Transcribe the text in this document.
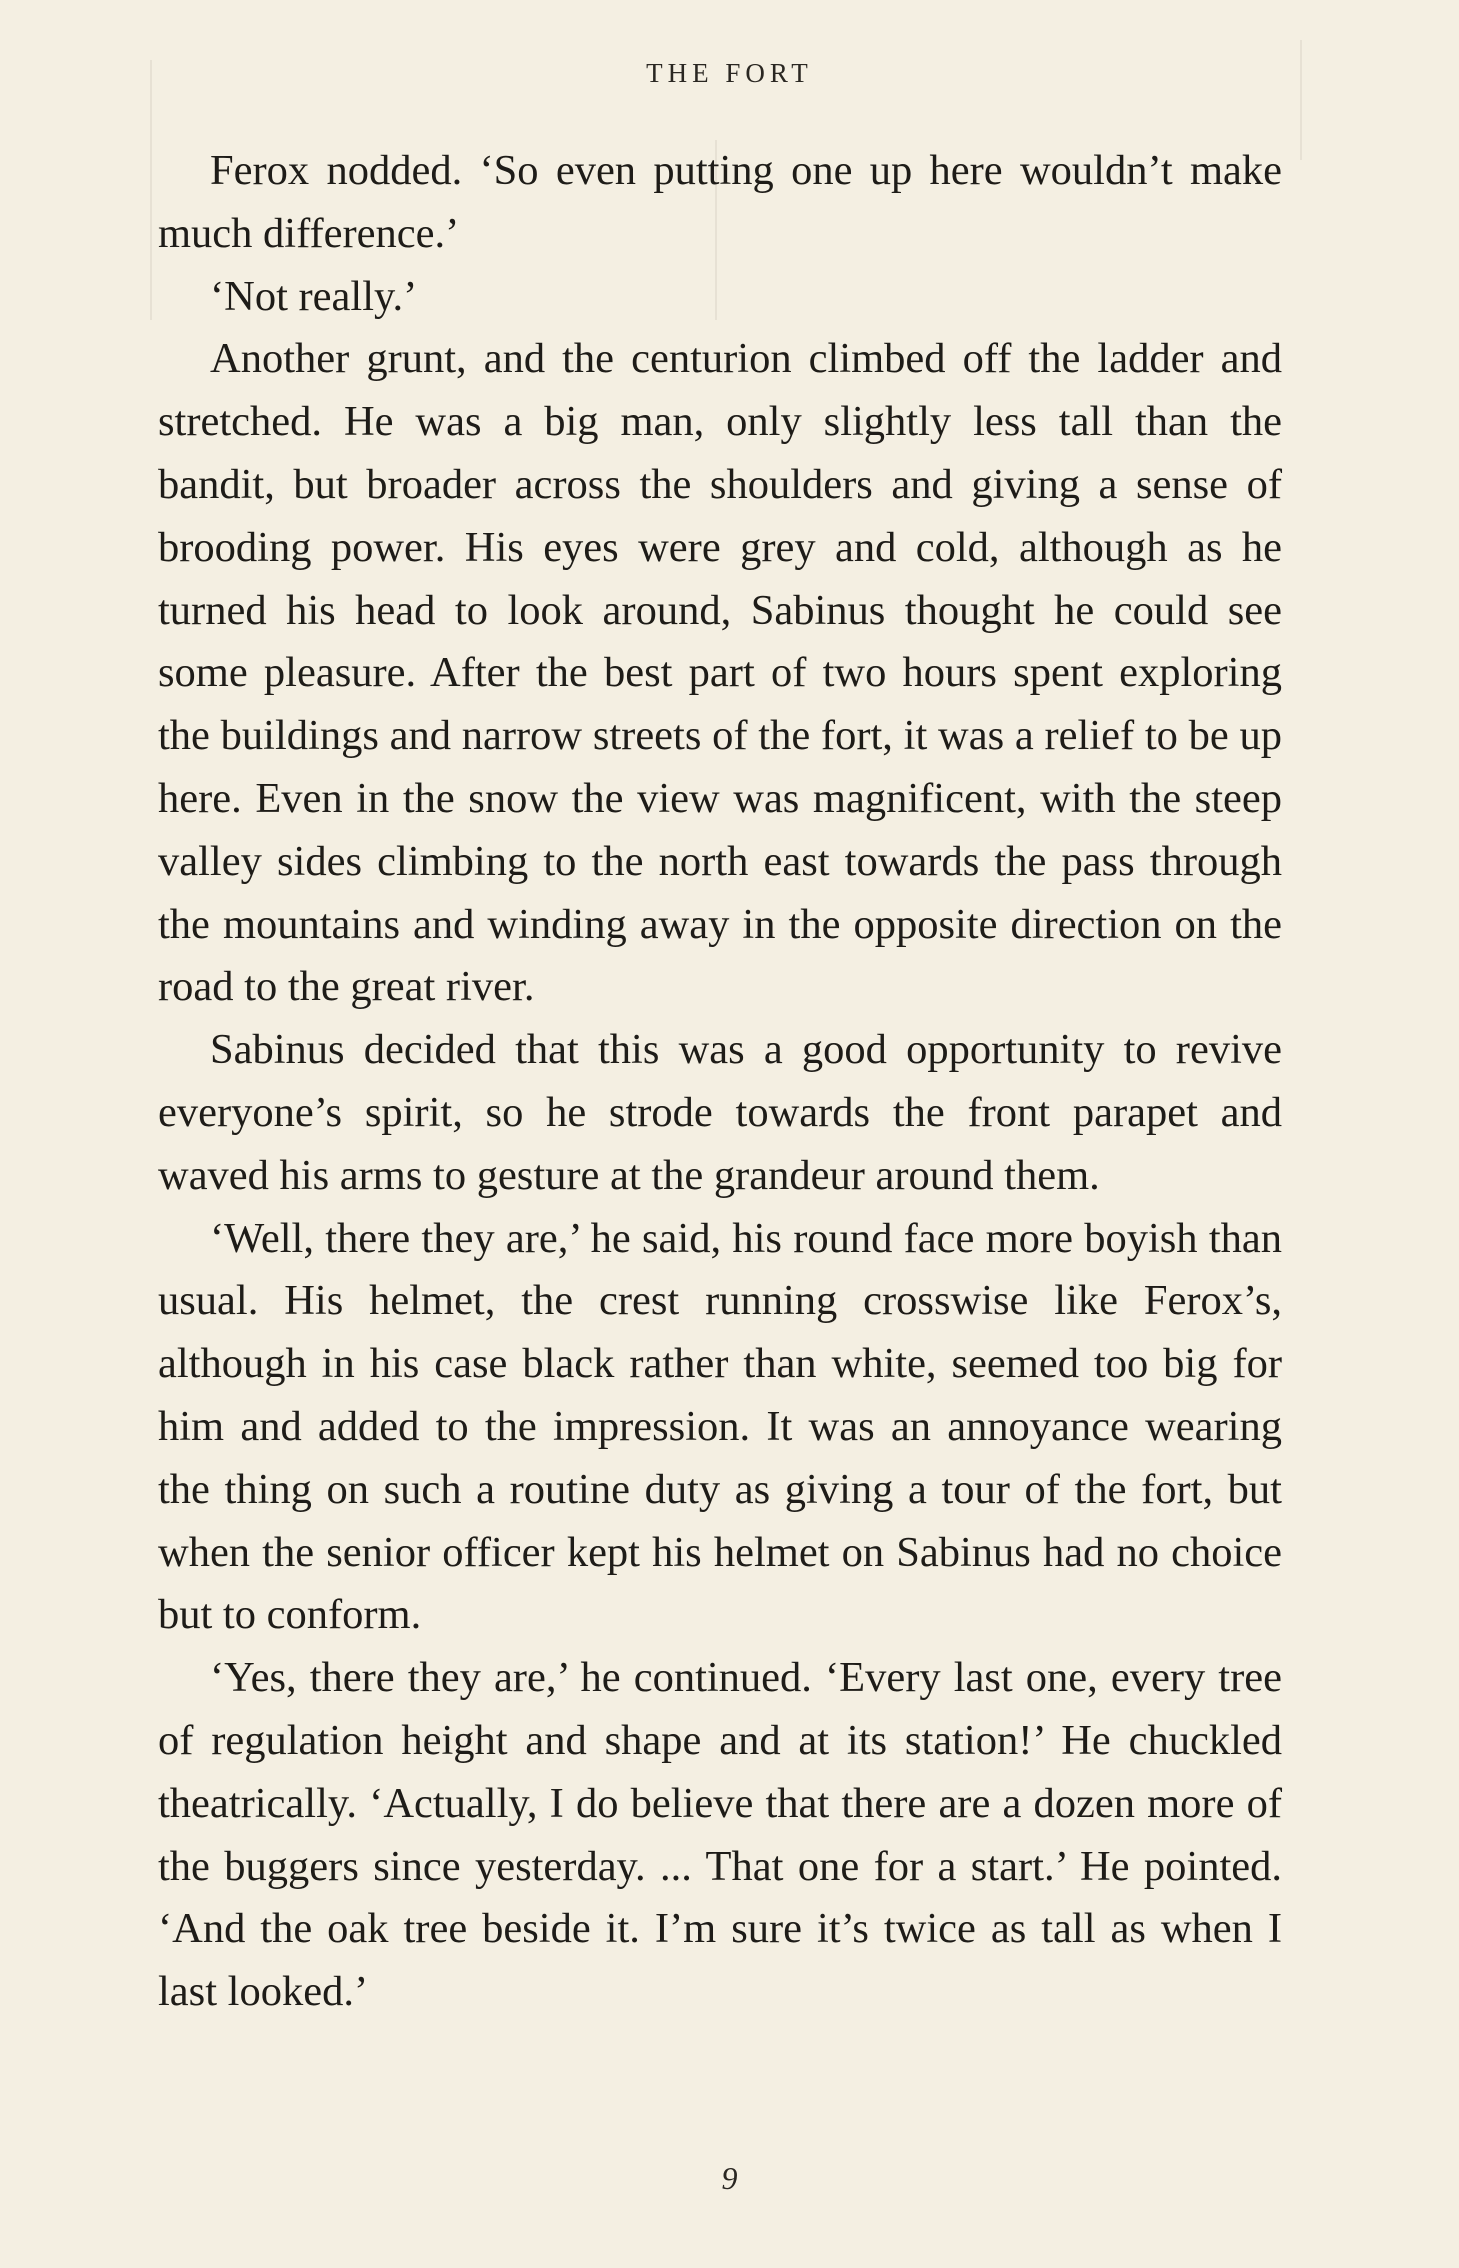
THE FORT

Ferox nodded. ‘So even putting one up here wouldn’t make much difference.’

‘Not really.’

Another grunt, and the centurion climbed off the ladder and stretched. He was a big man, only slightly less tall than the bandit, but broader across the shoulders and giving a sense of brooding power. His eyes were grey and cold, although as he turned his head to look around, Sabinus thought he could see some pleasure. After the best part of two hours spent exploring the buildings and narrow streets of the fort, it was a relief to be up here. Even in the snow the view was magnificent, with the steep valley sides climbing to the north east towards the pass through the mountains and winding away in the opposite direction on the road to the great river.

Sabinus decided that this was a good opportunity to revive everyone’s spirit, so he strode towards the front parapet and waved his arms to gesture at the grandeur around them.

‘Well, there they are,’ he said, his round face more boyish than usual. His helmet, the crest running crosswise like Ferox’s, although in his case black rather than white, seemed too big for him and added to the impression. It was an annoyance wearing the thing on such a routine duty as giving a tour of the fort, but when the senior officer kept his helmet on Sabinus had no choice but to conform.

‘Yes, there they are,’ he continued. ‘Every last one, every tree of regulation height and shape and at its station!’ He chuckled theatrically. ‘Actually, I do believe that there are a dozen more of the buggers since yesterday. ... That one for a start.’ He pointed. ‘And the oak tree beside it. I’m sure it’s twice as tall as when I last looked.’

9
